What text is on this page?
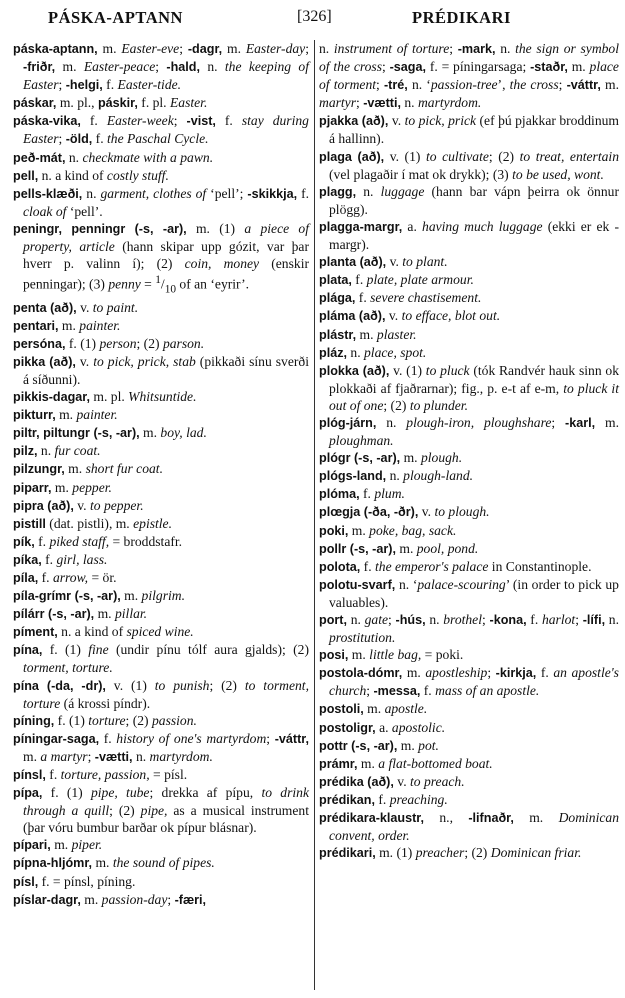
PÁSKA-APTANN	[326]	PRÉDIKARI

páska-aptann, m. Easter-eve; -dagr, m. Easter-day; -friðr, m. Easter-peace; -hald, n. the keeping of Easter; -helgi, f. Easter-tide.

páskar, m. pl., páskir, f. pl. Easter.

páska-vika, f. Easter-week; -vist, f. stay during Easter; -öld, f. the Paschal Cycle.

peð-mát, n. checkmate with a pawn.

pell, n. a kind of costly stuff.

pells-klæði, n. garment, clothes of ‘pell’; -skikkja, f. cloak of ‘pell’.

peningr, penningr (-s, -ar), m. (1) a piece of property, article (hann skipar upp gózit, var þar hverr p. valinn í); (2) coin, money (enskir penningar); (3) penny = $^1/_{10}$ of an ‘eyrir’.

penta (að), v. to paint.

pentari, m. painter.

persóna, f. (1) person; (2) parson.

pikka (að), v. to pick, prick, stab (pikkaði sínu sverði á síðunni).

pikkis-dagar, m. pl. Whitsuntide.

pikturr, m. painter.

piltr, piltungr (-s, -ar), m. boy, lad.

pilz, n. fur coat.

pilzungr, m. short fur coat.

piparr, m. pepper.

pipra (að), v. to pepper.

pistill (dat. pistli), m. epistle.

pík, f. piked staff, = broddstafr.

píka, f. girl, lass.

píla, f. arrow, = ör.

píla-grímr (-s, -ar), m. pilgrim.

pílárr (-s, -ar), m. pillar.

píment, n. a kind of spiced wine.

pína, f. (1) fine (undir pínu tólf aura gjalds); (2) torment, torture.

pína (-da, -dr), v. (1) to punish; (2) to torment, torture (á krossi píndr).

píning, f. (1) torture; (2) passion.

píningar-saga, f. history of one's martyrdom; -váttr, m. a martyr; -vætti, n. martyrdom.

pínsl, f. torture, passion, = písl.

pípa, f. (1) pipe, tube; drekka af pípu, to drink through a quill; (2) pipe, as a musical instrument (þar vóru bumbur barðar ok pípur blásnar).

pípari, m. piper.

pípna-hljómr, m. the sound of pipes.

písl, f. = pínsl, píning.

píslar-dagr, m. passion-day; -færi,

n. instrument of torture; -mark, n. the sign or symbol of the cross; -saga, f. = píningarsaga; -staðr, m. place of torment; -tré, n. ‘passion-tree’, the cross; -váttr, m. martyr; -vætti, n. martyrdom.

pjakka (að), v. to pick, prick (ef þú pjakkar broddinum á hallinn).

plaga (að), v. (1) to cultivate; (2) to treat, entertain (vel plagaðir í mat ok drykk); (3) to be used, wont.

plagg, n. luggage (hann bar vápn þeirra ok önnur plögg).

plagga-margr, a. having much luggage (ekki er ek -margr).

planta (að), v. to plant.

plata, f. plate, plate armour.

plága, f. severe chastisement.

pláma (að), v. to efface, blot out.

plástr, m. plaster.

pláz, n. place, spot.

plokka (að), v. (1) to pluck (tók Randvér hauk sinn ok plokkaði af fjaðrarnar); fig., p. e-t af e-m, to pluck it out of one; (2) to plunder.

plóg-járn, n. plough-iron, ploughshare; -karl, m. ploughman.

plógr (-s, -ar), m. plough.

plógs-land, n. plough-land.

plóma, f. plum.

plœgja (-ða, -ðr), v. to plough.

poki, m. poke, bag, sack.

pollr (-s, -ar), m. pool, pond.

polota, f. the emperor's palace in Constantinople.

polotu-svarf, n. ‘palace-scouring’ (in order to pick up valuables).

port, n. gate; -hús, n. brothel; -kona, f. harlot; -lífi, n. prostitution.

posi, m. little bag, = poki.

postola-dómr, m. apostleship; -kirkja, f. an apostle's church; -messa, f. mass of an apostle.

postoli, m. apostle.

postoligr, a. apostolic.

pottr (-s, -ar), m. pot.

prámr, m. a flat-bottomed boat.

prédika (að), v. to preach.

prédikan, f. preaching.

prédikara-klaustr, n., -lifnaðr, m. Dominican convent, order.

prédikari, m. (1) preacher; (2) Dominican friar.
